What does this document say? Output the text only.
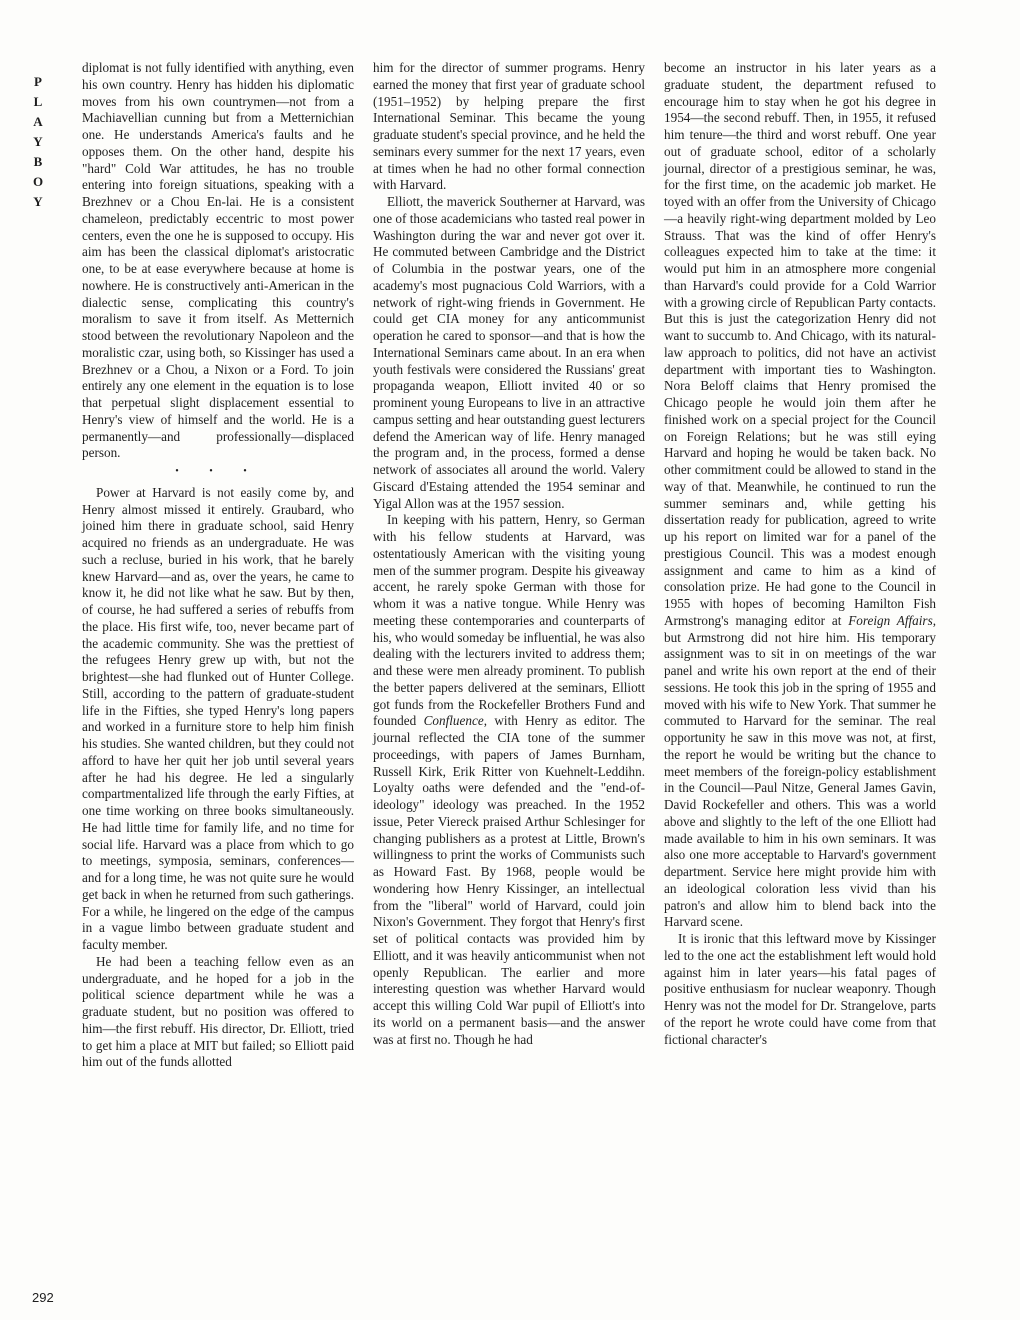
P
L
A
Y
B
O
Y
292

diplomat is not fully identified with anything, even his own country. Henry has hidden his diplomatic moves from his own countrymen—not from a Machiavellian cunning but from a Metternichian one. He understands America's faults and he opposes them. On the other hand, despite his "hard" Cold War attitudes, he has no trouble entering into foreign situations, speaking with a Brezhnev or a Chou En-lai. He is a consistent chameleon, predictably eccentric to most power centers, even the one he is supposed to occupy. His aim has been the classical diplomat's aristocratic one, to be at ease everywhere because at home is nowhere. He is constructively anti-American in the dialectic sense, complicating this country's moralism to save it from itself. As Metternich stood between the revolutionary Napoleon and the moralistic czar, using both, so Kissinger has used a Brezhnev or a Chou, a Nixon or a Ford. To join entirely any one element in the equation is to lose that perpetual slight displacement essential to Henry's view of himself and the world. He is a permanently—and professionally—displaced person.

• • •

Power at Harvard is not easily come by, and Henry almost missed it entirely. Graubard, who joined him there in graduate school, said Henry acquired no friends as an undergraduate. He was such a recluse, buried in his work, that he barely knew Harvard—and as, over the years, he came to know it, he did not like what he saw. But by then, of course, he had suffered a series of rebuffs from the place. His first wife, too, never became part of the academic community. She was the prettiest of the refugees Henry grew up with, but not the brightest—she had flunked out of Hunter College. Still, according to the pattern of graduate-student life in the Fifties, she typed Henry's long papers and worked in a furniture store to help him finish his studies. She wanted children, but they could not afford to have her quit her job until several years after he had his degree. He led a singularly compartmentalized life through the early Fifties, at one time working on three books simultaneously. He had little time for family life, and no time for social life. Harvard was a place from which to go to meetings, symposia, seminars, conferences—and for a long time, he was not quite sure he would get back in when he returned from such gatherings. For a while, he lingered on the edge of the campus in a vague limbo between graduate student and faculty member.

He had been a teaching fellow even as an undergraduate, and he hoped for a job in the political science department while he was a graduate student, but no position was offered to him—the first rebuff. His director, Dr. Elliott, tried to get him a place at MIT but failed; so Elliott paid him out of the funds allotted

him for the director of summer programs. Henry earned the money that first year of graduate school (1951–1952) by helping prepare the first International Seminar. This became the young graduate student's special province, and he held the seminars every summer for the next 17 years, even at times when he had no other formal connection with Harvard.

Elliott, the maverick Southerner at Harvard, was one of those academicians who tasted real power in Washington during the war and never got over it. He commuted between Cambridge and the District of Columbia in the postwar years, one of the academy's most pugnacious Cold Warriors, with a network of right-wing friends in Government. He could get CIA money for any anticommunist operation he cared to sponsor—and that is how the International Seminars came about. In an era when youth festivals were considered the Russians' great propaganda weapon, Elliott invited 40 or so prominent young Europeans to live in an attractive campus setting and hear outstanding guest lecturers defend the American way of life. Henry managed the program and, in the process, formed a dense network of associates all around the world. Valery Giscard d'Estaing attended the 1954 seminar and Yigal Allon was at the 1957 session.

In keeping with his pattern, Henry, so German with his fellow students at Harvard, was ostentatiously American with the visiting young men of the summer program. Despite his giveaway accent, he rarely spoke German with those for whom it was a native tongue. While Henry was meeting these contemporaries and counterparts of his, who would someday be influential, he was also dealing with the lecturers invited to address them; and these were men already prominent. To publish the better papers delivered at the seminars, Elliott got funds from the Rockefeller Brothers Fund and founded Confluence, with Henry as editor. The journal reflected the CIA tone of the summer proceedings, with papers of James Burnham, Russell Kirk, Erik Ritter von Kuehnelt-Leddihn. Loyalty oaths were defended and the "end-of-ideology" ideology was preached. In the 1952 issue, Peter Viereck praised Arthur Schlesinger for changing publishers as a protest at Little, Brown's willingness to print the works of Communists such as Howard Fast. By 1968, people would be wondering how Henry Kissinger, an intellectual from the "liberal" world of Harvard, could join Nixon's Government. They forgot that Henry's first set of political contacts was provided him by Elliott, and it was heavily anticommunist when not openly Republican. The earlier and more interesting question was whether Harvard would accept this willing Cold War pupil of Elliott's into its world on a permanent basis—and the answer was at first no. Though he had

become an instructor in his later years as a graduate student, the department refused to encourage him to stay when he got his degree in 1954—the second rebuff. Then, in 1955, it refused him tenure—the third and worst rebuff. One year out of graduate school, editor of a scholarly journal, director of a prestigious seminar, he was, for the first time, on the academic job market. He toyed with an offer from the University of Chicago—a heavily right-wing department molded by Leo Strauss. That was the kind of offer Henry's colleagues expected him to take at the time: it would put him in an atmosphere more congenial than Harvard's could provide for a Cold Warrior with a growing circle of Republican Party contacts. But this is just the categorization Henry did not want to succumb to. And Chicago, with its natural-law approach to politics, did not have an activist department with important ties to Washington. Nora Beloff claims that Henry promised the Chicago people he would join them after he finished work on a special project for the Council on Foreign Relations; but he was still eying Harvard and hoping he would be taken back. No other commitment could be allowed to stand in the way of that. Meanwhile, he continued to run the summer seminars and, while getting his dissertation ready for publication, agreed to write up his report on limited war for a panel of the prestigious Council. This was a modest enough assignment and came to him as a kind of consolation prize. He had gone to the Council in 1955 with hopes of becoming Hamilton Fish Armstrong's managing editor at Foreign Affairs, but Armstrong did not hire him. His temporary assignment was to sit in on meetings of the war panel and write his own report at the end of their sessions. He took this job in the spring of 1955 and moved with his wife to New York. That summer he commuted to Harvard for the seminar. The real opportunity he saw in this move was not, at first, the report he would be writing but the chance to meet members of the foreign-policy establishment in the Council—Paul Nitze, General James Gavin, David Rockefeller and others. This was a world above and slightly to the left of the one Elliott had made available to him in his own seminars. It was also one more acceptable to Harvard's government department. Service here might provide him with an ideological coloration less vivid than his patron's and allow him to blend back into the Harvard scene.

It is ironic that this leftward move by Kissinger led to the one act the establishment left would hold against him in later years—his fatal pages of positive enthusiasm for nuclear weaponry. Though Henry was not the model for Dr. Strangelove, parts of the report he wrote could have come from that fictional character's
